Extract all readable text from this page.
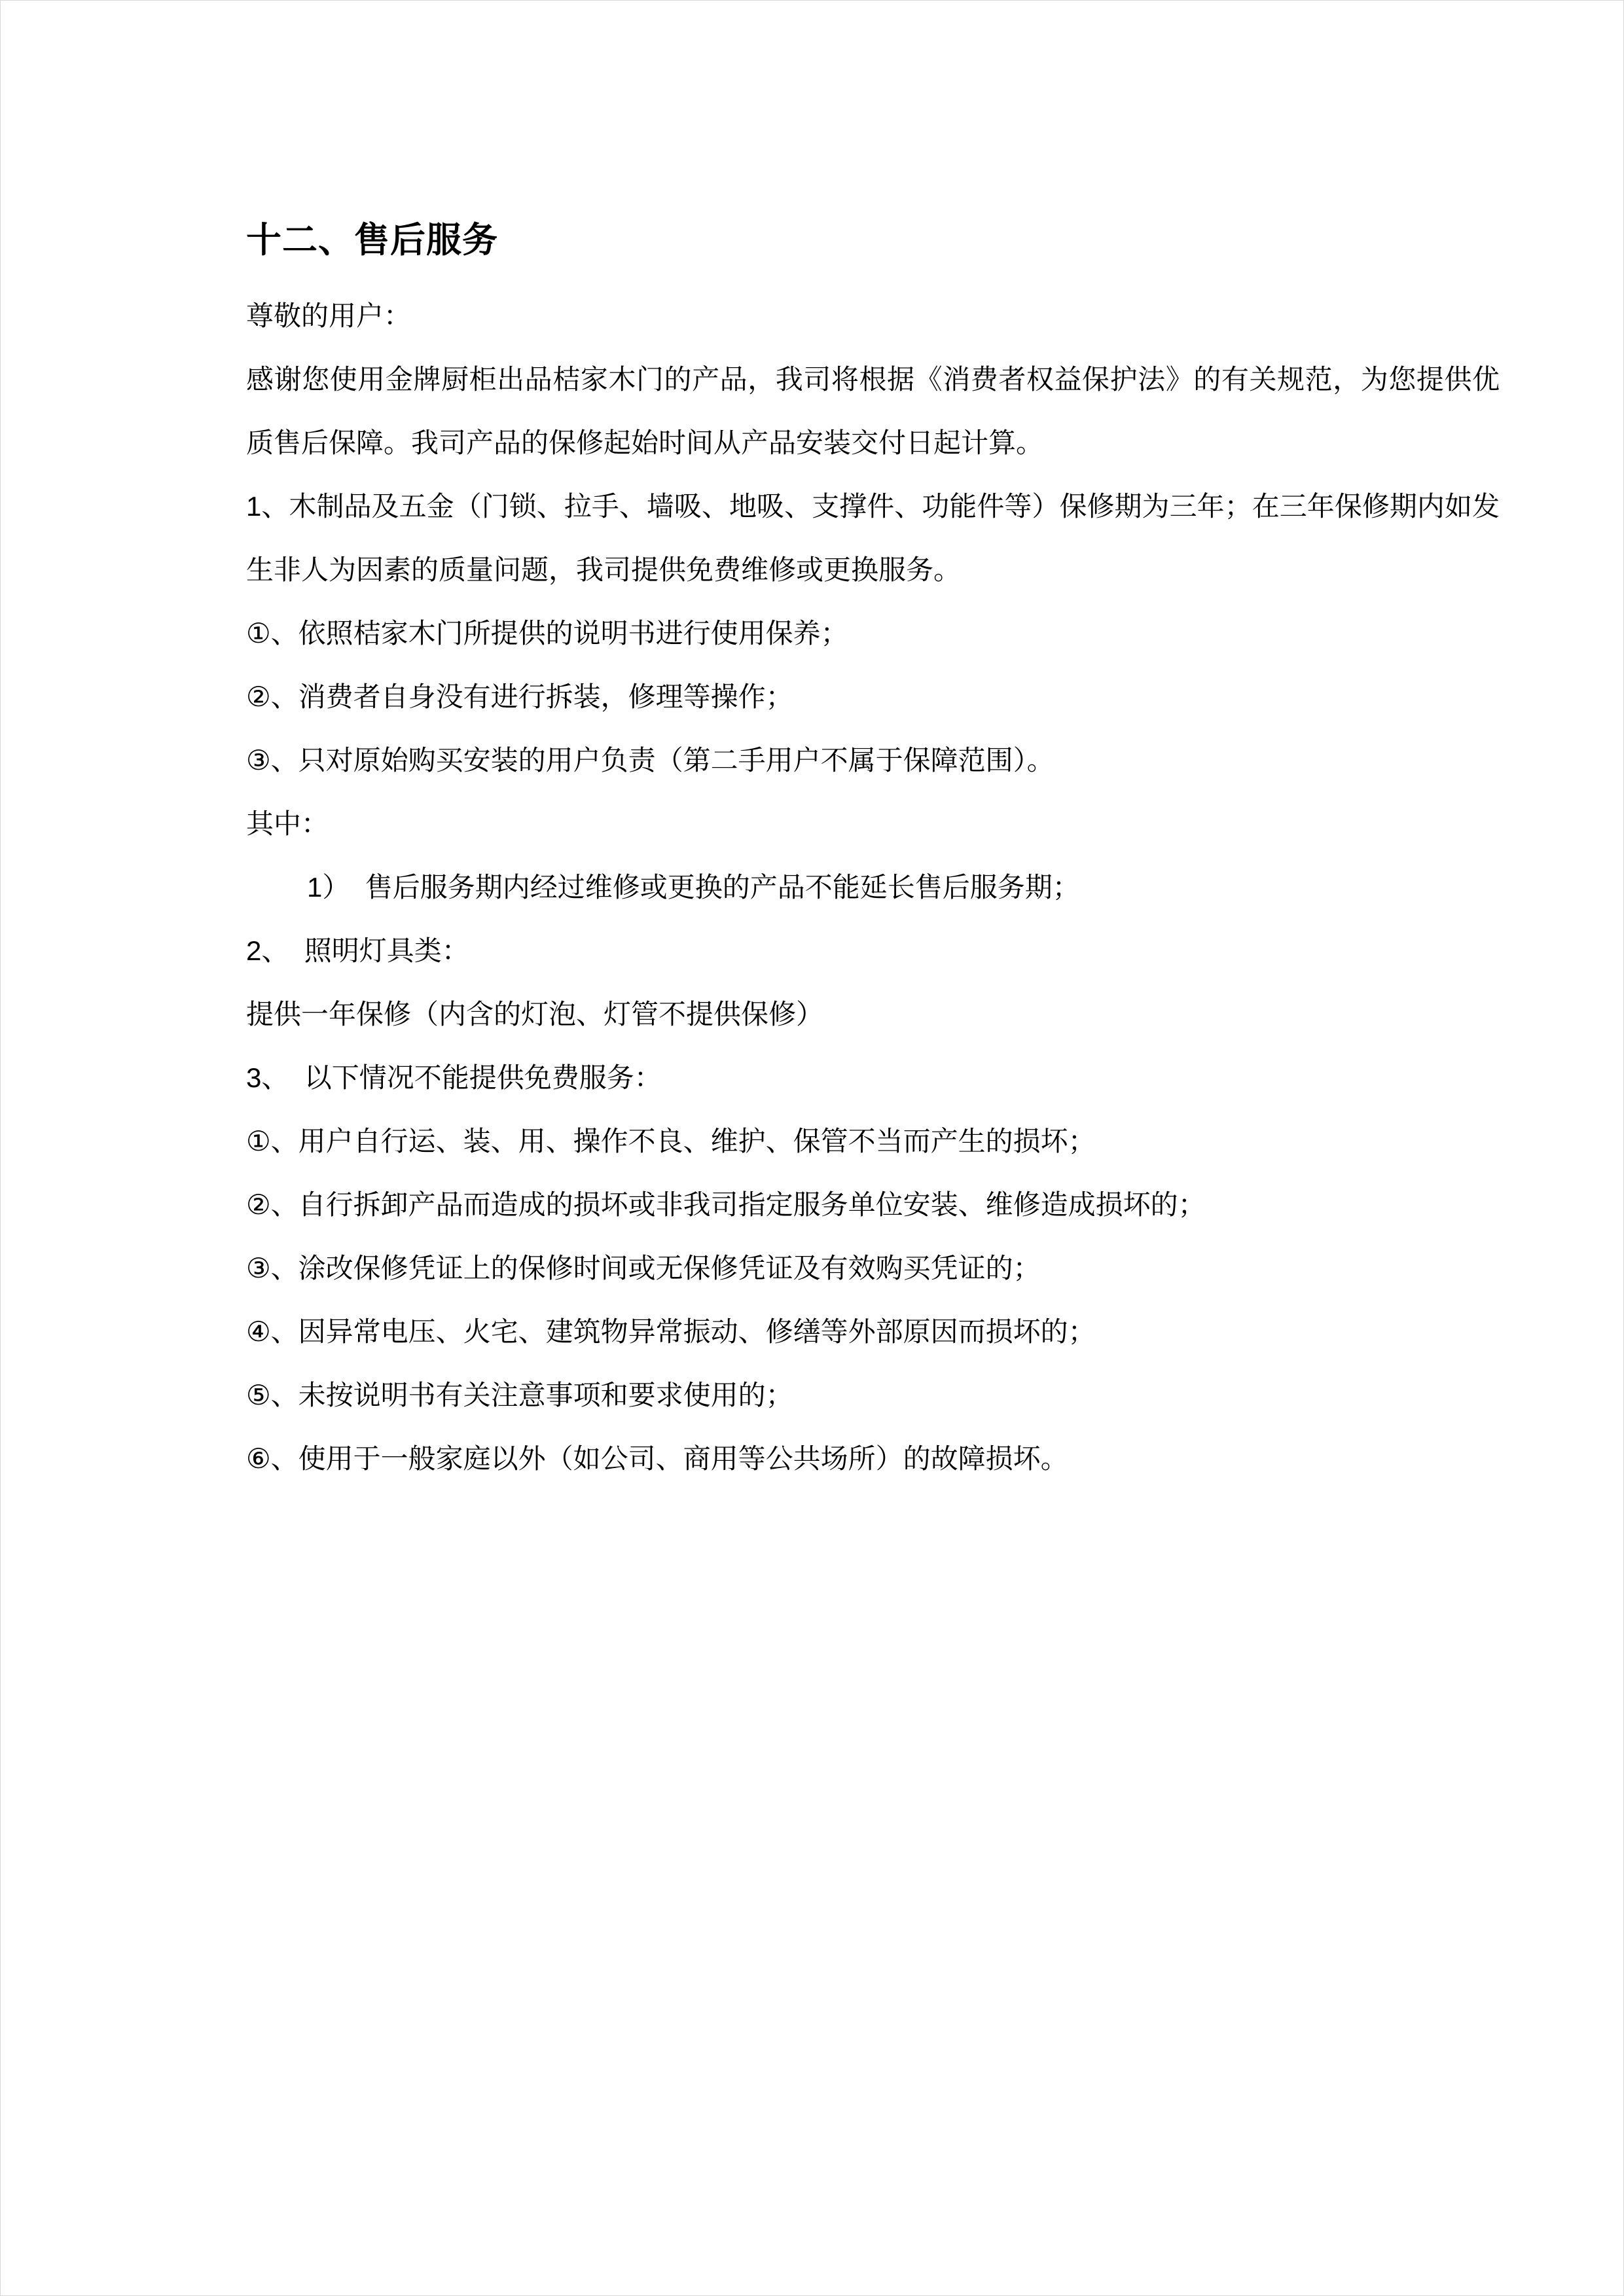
十二、售后服务

尊敬的用户：

感谢您使用金牌厨柜出品桔家木门的产品，我司将根据《消费者权益保护法》的有关规范，为您提供优质售后保障。我司产品的保修起始时间从产品安装交付日起计算。

1、木制品及五金（门锁、拉手、墙吸、地吸、支撑件、功能件等）保修期为三年；在三年保修期内如发生非人为因素的质量问题，我司提供免费维修或更换服务。

①、依照桔家木门所提供的说明书进行使用保养；

②、消费者自身没有进行拆装，修理等操作；

③、只对原始购买安装的用户负责（第二手用户不属于保障范围）。

其中：

1）  售后服务期内经过维修或更换的产品不能延长售后服务期；

2、  照明灯具类：

提供一年保修（内含的灯泡、灯管不提供保修）

3、  以下情况不能提供免费服务：

①、用户自行运、装、用、操作不良、维护、保管不当而产生的损坏；

②、自行拆卸产品而造成的损坏或非我司指定服务单位安装、维修造成损坏的；

③、涂改保修凭证上的保修时间或无保修凭证及有效购买凭证的；

④、因异常电压、火宅、建筑物异常振动、修缮等外部原因而损坏的；

⑤、未按说明书有关注意事项和要求使用的；

⑥、使用于一般家庭以外（如公司、商用等公共场所）的故障损坏。
